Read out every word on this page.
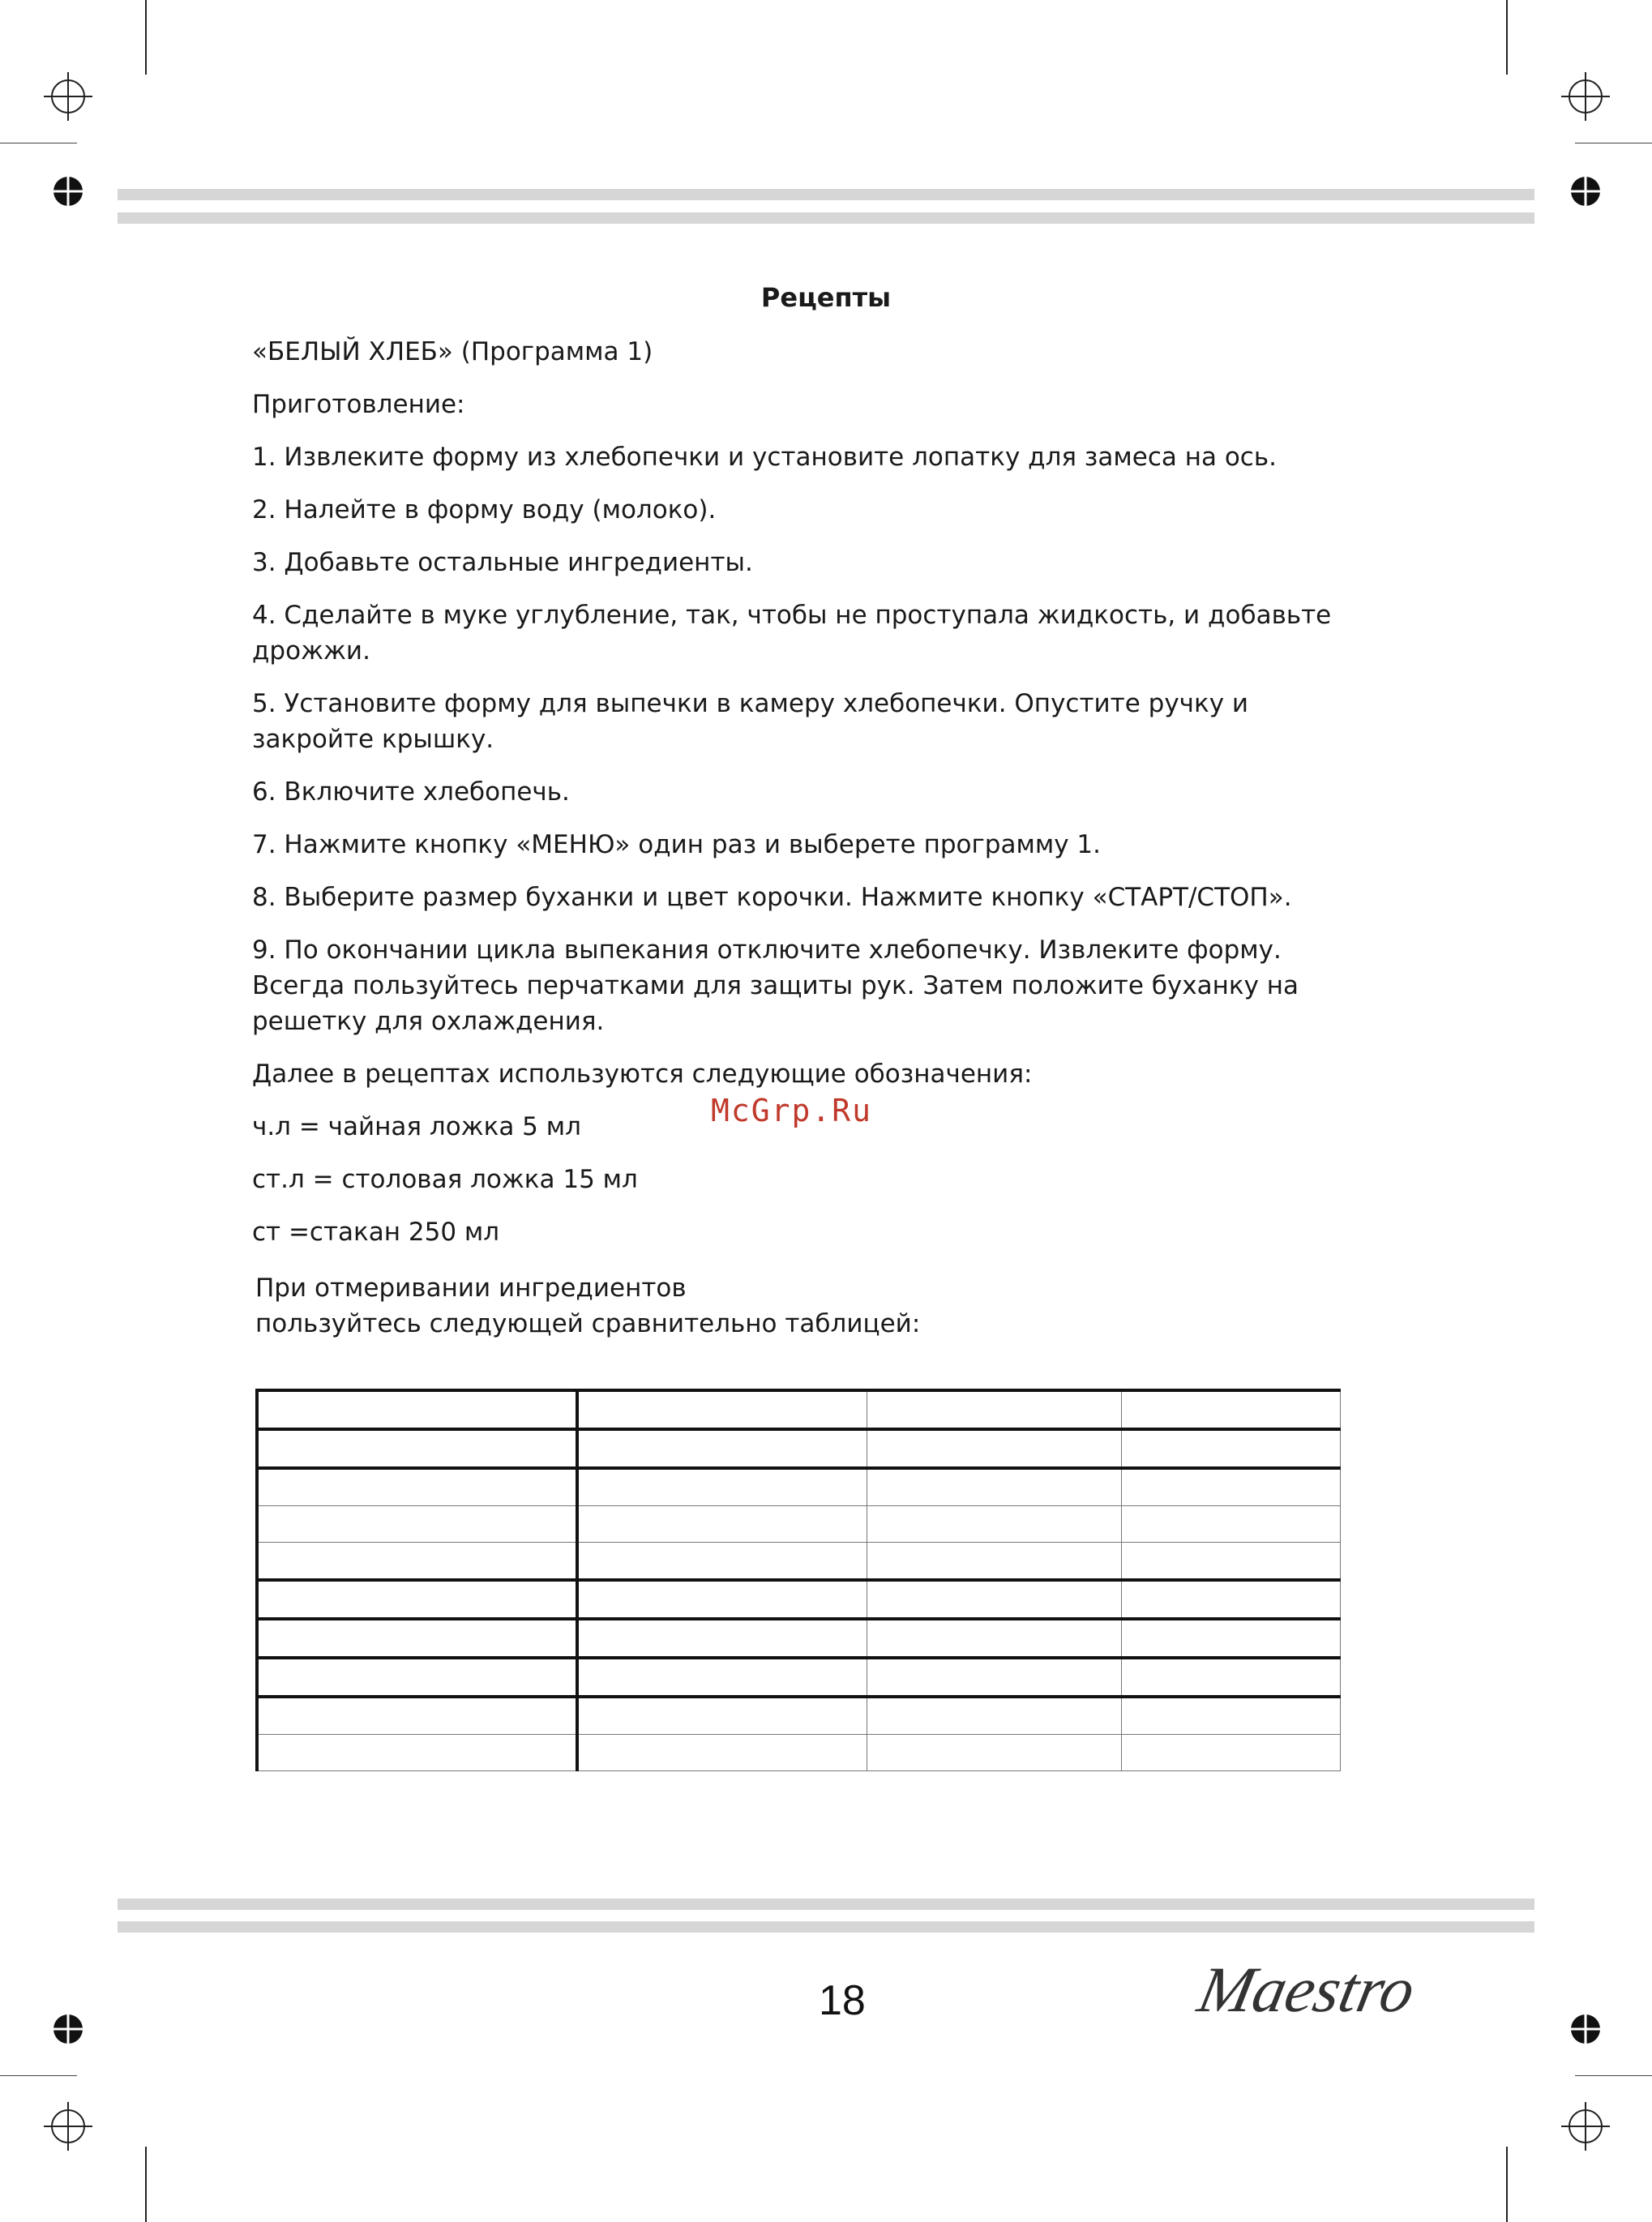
Рецепты

«БЕЛЫЙ ХЛЕБ» (Программа 1)

Приготовление:

1. Извлеките форму из хлебопечки и установите лопатку для замеса на ось.

2. Налейте в форму воду (молоко).

3. Добавьте остальные ингредиенты.

4. Сделайте в муке углубление, так, чтобы не проступала жидкость, и добавьте дрожжи.

5. Установите форму для выпечки в камеру хлебопечки. Опустите ручку и закройте крышку.

6. Включите хлебопечь.

7. Нажмите кнопку «МЕНЮ» один раз и выберете программу 1.

8. Выберите размер буханки и цвет корочки. Нажмите кнопку «СТАРТ/СТОП».

9. По окончании цикла выпекания отключите хлебопечку. Извлеките форму. Всегда пользуйтесь перчатками для защиты рук. Затем положите буханку на решетку для охлаждения.

Далее в рецептах используются следующие обозначения:

ч.л = чайная ложка 5 мл

ст.л = столовая ложка 15 мл

ст =стакан 250 мл

McGrp.Ru
При отмеривании ингредиентов
пользуйтесь следующей сравнительно таблицей:

18	Maestro
